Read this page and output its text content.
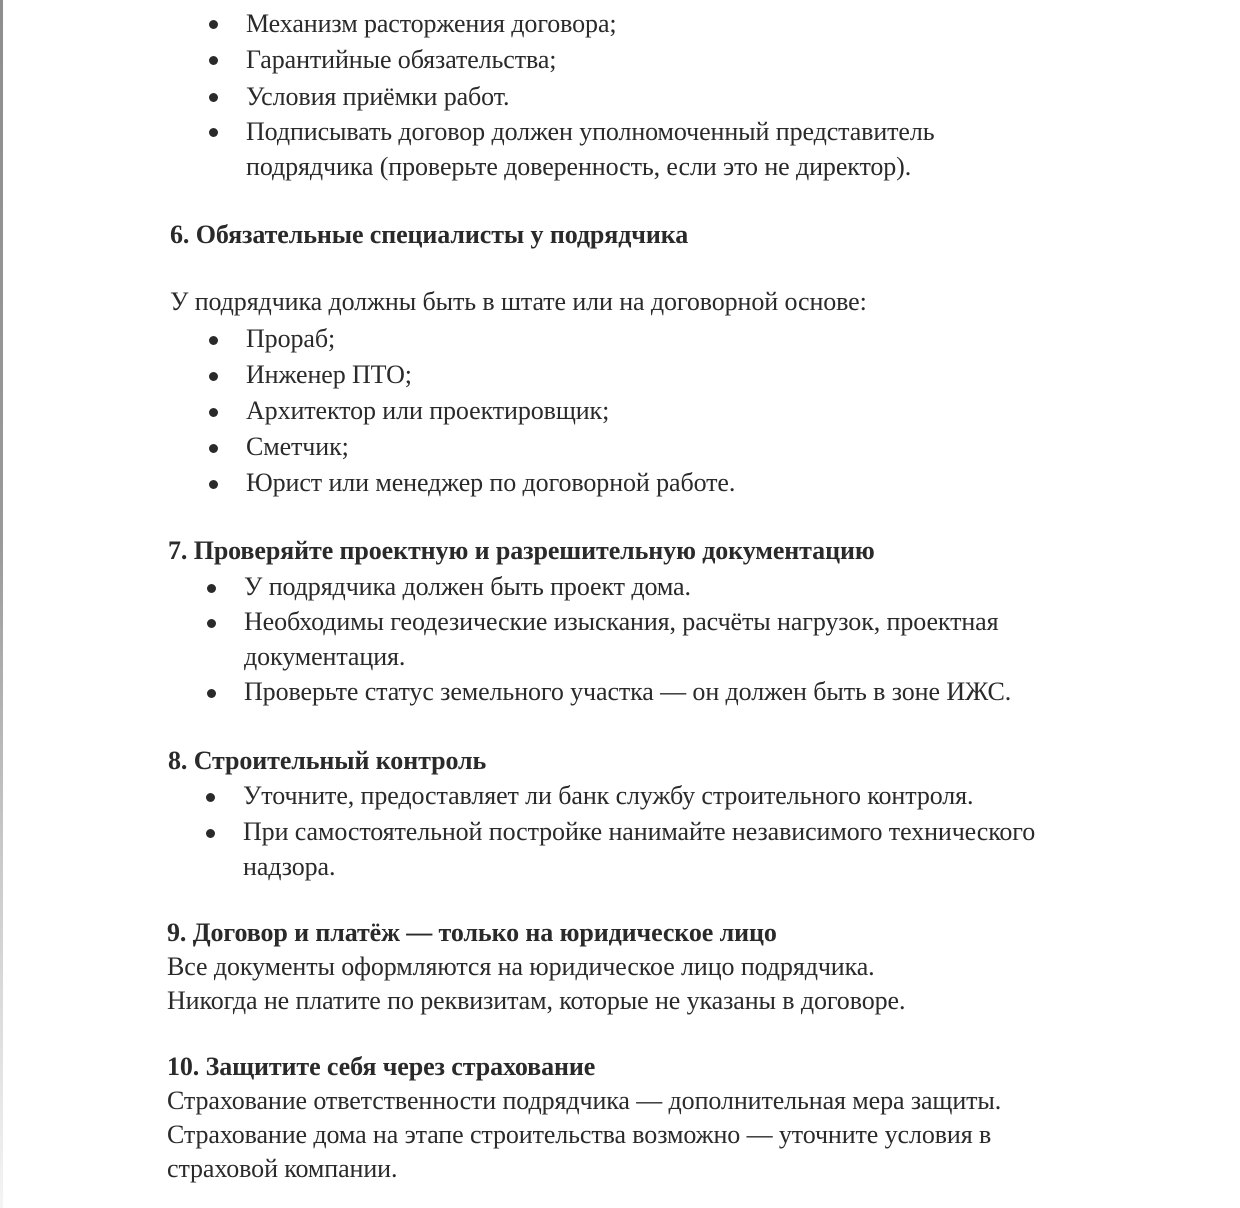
Механизм расторжения договора;
Гарантийные обязательства;
Условия приёмки работ.
Подписывать договор должен уполномоченный представитель
подрядчика (проверьте доверенность, если это не директор).
6. Обязательные специалисты у подрядчика
У подрядчика должны быть в штате или на договорной основе:
Прораб;
Инженер ПТО;
Архитектор или проектировщик;
Сметчик;
Юрист или менеджер по договорной работе.
7. Проверяйте проектную и разрешительную документацию
У подрядчика должен быть проект дома.
Необходимы геодезические изыскания, расчёты нагрузок, проектная
документация.
Проверьте статус земельного участка — он должен быть в зоне ИЖС.
8. Строительный контроль
Уточните, предоставляет ли банк службу строительного контроля.
При самостоятельной постройке нанимайте независимого технического
надзора.
9. Договор и платёж — только на юридическое лицо
Все документы оформляются на юридическое лицо подрядчика.
Никогда не платите по реквизитам, которые не указаны в договоре.
10. Защитите себя через страхование
Страхование ответственности подрядчика — дополнительная мера защиты.
Страхование дома на этапе строительства возможно — уточните условия в
страховой компании.
